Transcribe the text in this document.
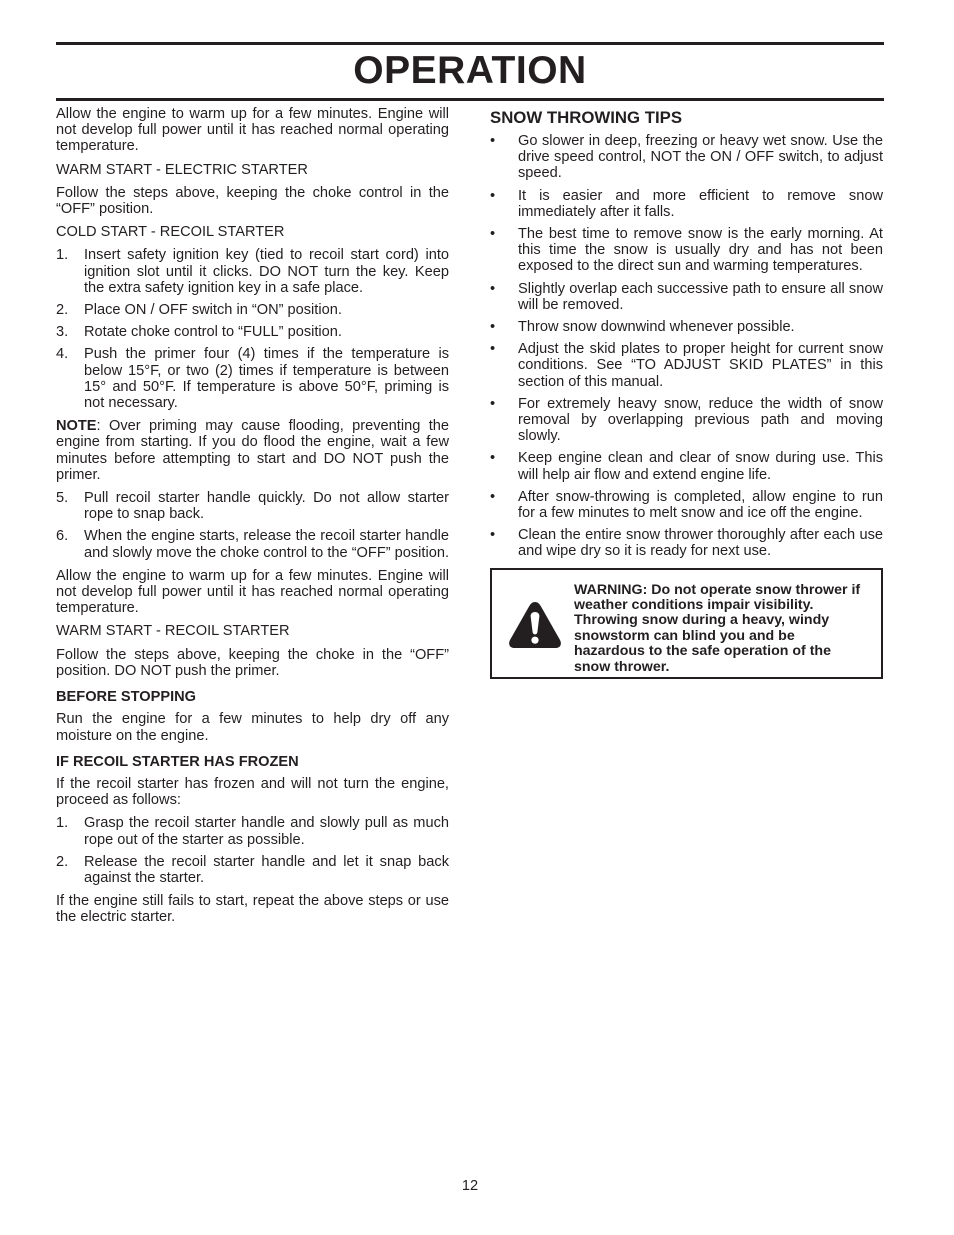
OPERATION

Allow the engine to warm up for a few minutes. Engine will not develop full power until it has reached normal operating temperature.

WARM START - ELECTRIC STARTER

Follow the steps above, keeping the choke control in the “OFF” position.

COLD START - RECOIL STARTER

1. Insert safety ignition key (tied to recoil start cord) into ignition slot until it clicks. DO NOT turn the key. Keep the extra safety ignition key in a safe place.
2. Place ON / OFF switch in “ON” position.
3. Rotate choke control to “FULL” position.
4. Push the primer four (4) times if the temperature is below 15°F, or two (2) times if temperature is between 15° and 50°F. If temperature is above 50°F, priming is not necessary.

NOTE: Over priming may cause flooding, preventing the engine from starting. If you do flood the engine, wait a few minutes before attempting to start and DO NOT push the primer.

5. Pull recoil starter handle quickly. Do not allow starter rope to snap back.
6. When the engine starts, release the recoil starter handle and slowly move the choke control to the “OFF” position.

Allow the engine to warm up for a few minutes. Engine will not develop full power until it has reached normal operating temperature.

WARM START - RECOIL STARTER

Follow the steps above, keeping the choke in the “OFF” position. DO NOT push the primer.

BEFORE STOPPING

Run the engine for a few minutes to help dry off any moisture on the engine.

IF RECOIL STARTER HAS FROZEN

If the recoil starter has frozen and will not turn the engine, proceed as follows:

1. Grasp the recoil starter handle and slowly pull as much rope out of the starter as possible.
2. Release the recoil starter handle and let it snap back against the starter.

If the engine still fails to start, repeat the above steps or use the electric starter.

SNOW THROWING TIPS
• Go slower in deep, freezing or heavy wet snow. Use the drive speed control, NOT the ON / OFF switch, to adjust speed.
• It is easier and more efficient to remove snow immediately after it falls.
• The best time to remove snow is the early morning. At this time the snow is usually dry and has not been exposed to the direct sun and warming temperatures.
• Slightly overlap each successive path to ensure all snow will be removed.
• Throw snow downwind whenever possible.
• Adjust the skid plates to proper height for current snow conditions. See “TO ADJUST SKID PLATES” in this section of this manual.
• For extremely heavy snow, reduce the width of snow removal by overlapping previous path and moving slowly.
• Keep engine clean and clear of snow during use. This will help air flow and extend engine life.
• After snow-throwing is completed, allow engine to run for a few minutes to melt snow and ice off the engine.
• Clean the entire snow thrower thoroughly after each use and wipe dry so it is ready for next use.
WARNING: Do not operate snow thrower if weather conditions impair visibility. Throwing snow during a heavy, windy snowstorm can blind you and be hazardous to the safe operation of the snow thrower.
12
